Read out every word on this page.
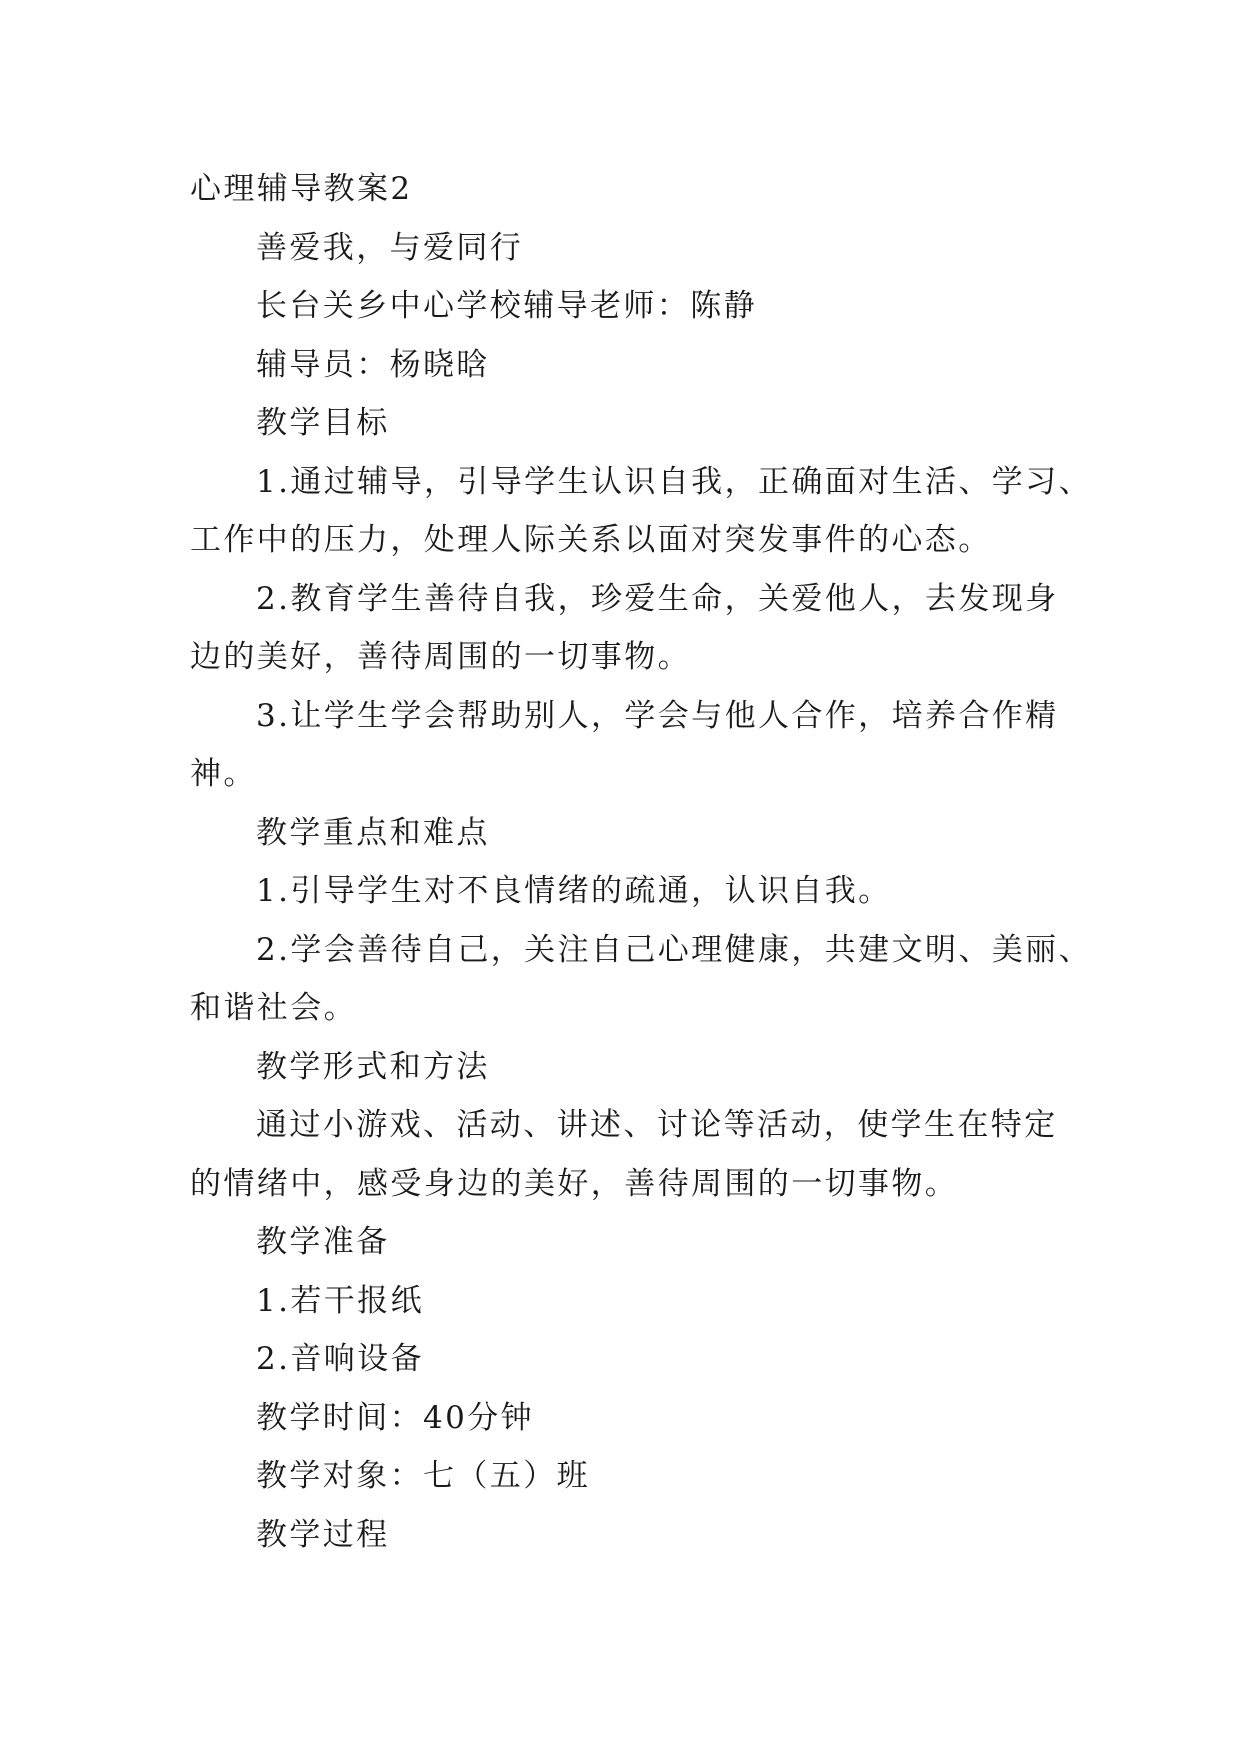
心理辅导教案2
善爱我，与爱同行
长台关乡中心学校辅导老师：陈静
辅导员：杨晓晗
教学目标
1.通过辅导，引导学生认识自我，正确面对生活、学习、
工作中的压力，处理人际关系以面对突发事件的心态。
2.教育学生善待自我，珍爱生命，关爱他人，去发现身
边的美好，善待周围的一切事物。
3.让学生学会帮助别人，学会与他人合作，培养合作精
神。
教学重点和难点
1.引导学生对不良情绪的疏通，认识自我。
2.学会善待自己，关注自己心理健康，共建文明、美丽、
和谐社会。
教学形式和方法
通过小游戏、活动、讲述、讨论等活动，使学生在特定
的情绪中，感受身边的美好，善待周围的一切事物。
教学准备
1.若干报纸
2.音响设备
教学时间：40分钟
教学对象：七（五）班
教学过程
